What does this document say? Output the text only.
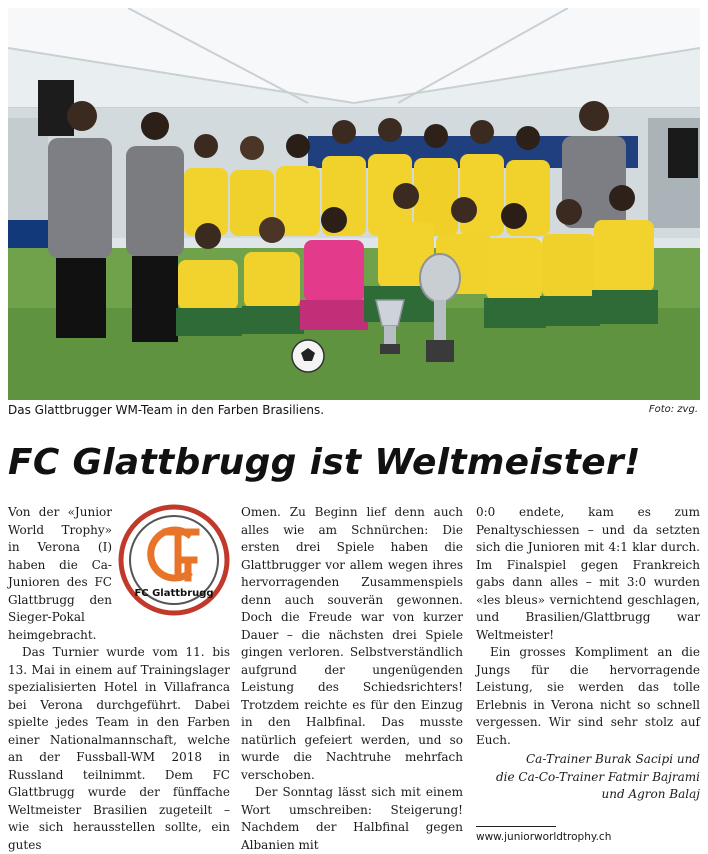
Das Glattbrugger WM-Team in den Farben Brasiliens.	Foto: zvg.
FC Glattbrugg ist Weltmeister!
FC Glattbrugg

Von der «Junior World Trophy» in Verona (I) haben die Ca-Junioren des FC Glattbrugg den Sieger-Pokal heimgebracht.

Das Turnier wurde vom 11. bis 13. Mai in einem auf Trainingslager spezialisierten Hotel in Villafranca bei Verona durchgeführt. Dabei spielte jedes Team in den Farben einer Nationalmannschaft, welche an der Fussball-WM 2018 in Russland teilnimmt. Dem FC Glattbrugg wurde der fünffache Weltmeister Brasilien zugeteilt – wie sich herausstellen sollte, ein gutes

Omen. Zu Beginn lief denn auch alles wie am Schnürchen: Die ersten drei Spiele haben die Glattbrugger vor allem wegen ihres hervorragenden Zusammenspiels denn auch souverän gewonnen. Doch die Freude war von kurzer Dauer – die nächsten drei Spiele gingen verloren. Selbstverständlich aufgrund der ungenügenden Leistung des Schiedsrichters! Trotzdem reichte es für den Einzug in den Halbfinal. Das musste natürlich gefeiert werden, und so wurde die Nachtruhe mehrfach verschoben.

Der Sonntag lässt sich mit einem Wort umschreiben: Steigerung! Nachdem der Halbfinal gegen Albanien mit

0:0 endete, kam es zum Penaltyschiessen – und da setzten sich die Junioren mit 4:1 klar durch. Im Finalspiel gegen Frankreich gabs dann alles – mit 3:0 wurden «les bleus» vernichtend geschlagen, und Brasilien/Glattbrugg war Weltmeister!

Ein grosses Kompliment an die Jungs für die hervorragende Leistung, sie werden das tolle Erlebnis in Verona nicht so schnell vergessen. Wir sind sehr stolz auf Euch.

Ca-Trainer Burak Sacipi und
die Ca-Co-Trainer Fatmir Bajrami
und Agron Balaj
www.juniorworldtrophy.ch
